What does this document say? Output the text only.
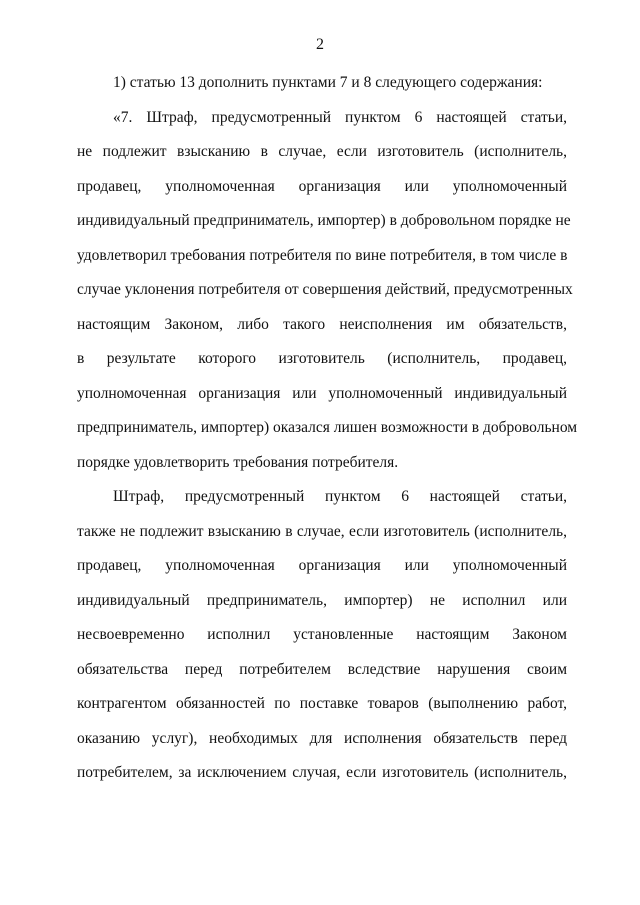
2
1) статью 13 дополнить пунктами 7 и 8 следующего содержания:
«7. Штраф, предусмотренный пунктом 6 настоящей статьи,
не подлежит взысканию в случае, если изготовитель (исполнитель,
продавец, уполномоченная организация или уполномоченный
индивидуальный предприниматель, импортер) в добровольном порядке не
удовлетворил требования потребителя по вине потребителя, в том числе в
случае уклонения потребителя от совершения действий, предусмотренных
настоящим Законом, либо такого неисполнения им обязательств,
в результате которого изготовитель (исполнитель, продавец,
уполномоченная организация или уполномоченный индивидуальный
предприниматель, импортер) оказался лишен возможности в добровольном
порядке удовлетворить требования потребителя.
Штраф, предусмотренный пунктом 6 настоящей статьи,
также не подлежит взысканию в случае, если изготовитель (исполнитель,
продавец, уполномоченная организация или уполномоченный
индивидуальный предприниматель, импортер) не исполнил или
несвоевременно исполнил установленные настоящим Законом
обязательства перед потребителем вследствие нарушения своим
контрагентом обязанностей по поставке товаров (выполнению работ,
оказанию услуг), необходимых для исполнения обязательств перед
потребителем, за исключением случая, если изготовитель (исполнитель,
